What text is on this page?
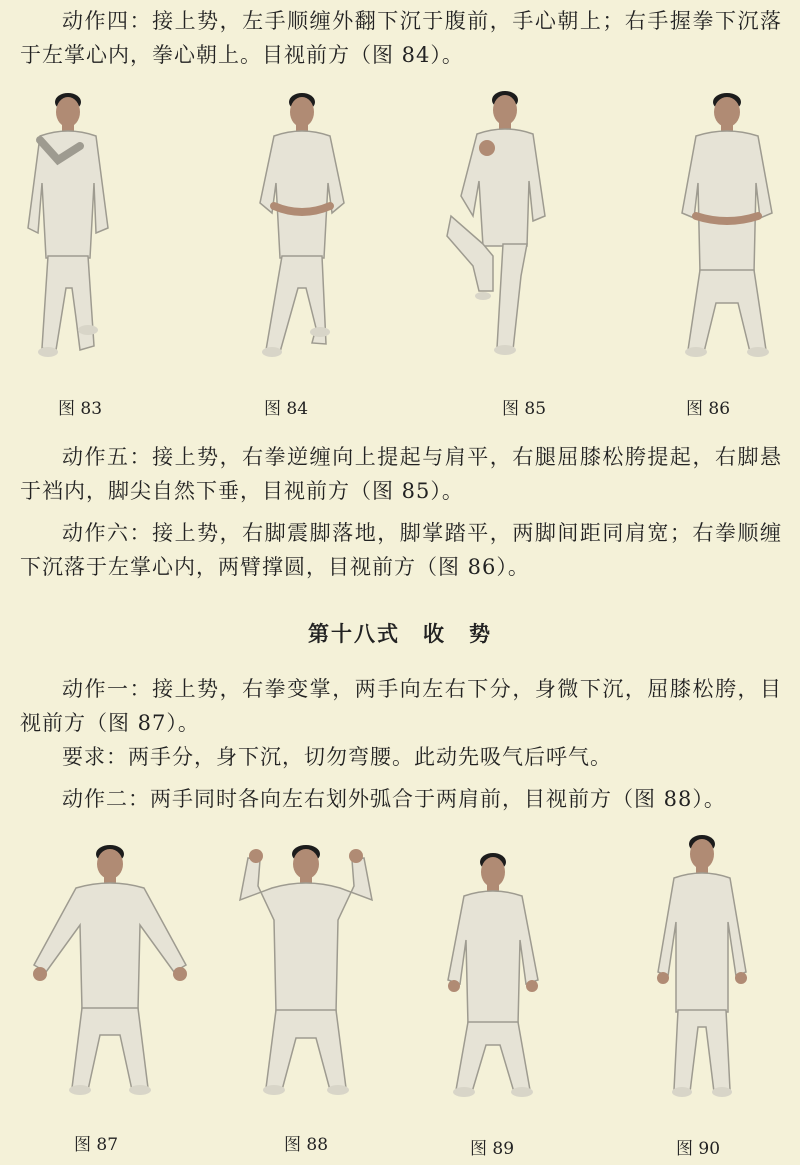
动作四：接上势，左手顺缠外翻下沉于腹前，手心朝上；右手握拳下沉落于左掌心内，拳心朝上。目视前方（图 84）。

图 83	图 84	图 85	图 86

动作五：接上势，右拳逆缠向上提起与肩平，右腿屈膝松胯提起，右脚悬于裆内，脚尖自然下垂，目视前方（图 85）。

动作六：接上势，右脚震脚落地，脚掌踏平，两脚间距同肩宽；右拳顺缠下沉落于左掌心内，两臂撑圆，目视前方（图 86）。

第十八式　收　势

动作一：接上势，右拳变掌，两手向左右下分，身微下沉，屈膝松胯，目视前方（图 87）。

要求：两手分，身下沉，切勿弯腰。此动先吸气后呼气。

动作二：两手同时各向左右划外弧合于两肩前，目视前方（图 88）。

图 87	图 88	图 89	图 90
